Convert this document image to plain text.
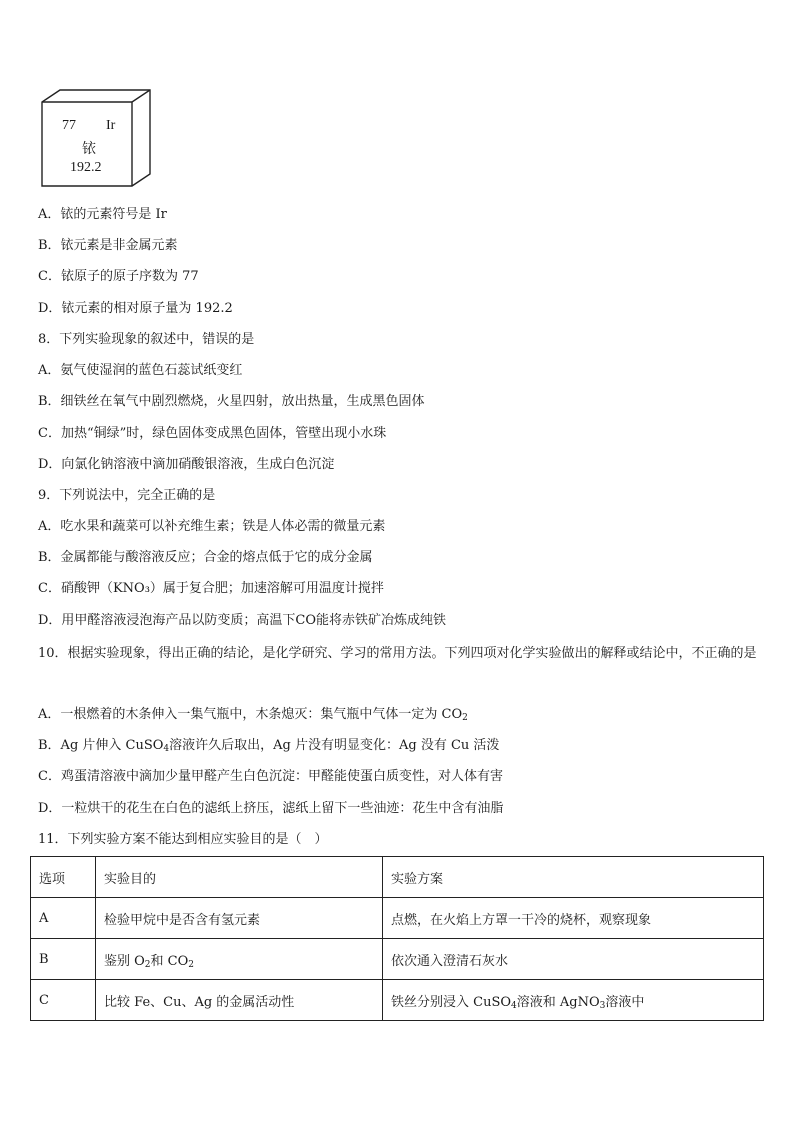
77 Ir
铱
192.2
A．铱的元素符号是 Ir
B．铱元素是非金属元素
C．铱原子的原子序数为 77
D．铱元素的相对原子量为 192.2
8．下列实验现象的叙述中，错误的是
A．氨气使湿润的蓝色石蕊试纸变红
B．细铁丝在氧气中剧烈燃烧，火星四射，放出热量，生成黑色固体
C．加热“铜绿”时，绿色固体变成黑色固体，管壁出现小水珠
D．向氯化钠溶液中滴加硝酸银溶液，生成白色沉淀
9．下列说法中，完全正确的是
A．吃水果和蔬菜可以补充维生素；铁是人体必需的微量元素
B．金属都能与酸溶液反应；合金的熔点低于它的成分金属
C．硝酸钾（KNO₃）属于复合肥；加速溶解可用温度计搅拌
D．用甲醛溶液浸泡海产品以防变质；高温下CO能将赤铁矿冶炼成纯铁
10．根据实验现象，得出正确的结论，是化学研究、学习的常用方法。下列四项对化学实验做出的解释或结论中，不正确的是
A．一根燃着的木条伸入一集气瓶中，木条熄灭：集气瓶中气体一定为 $CO_2$
B．Ag 片伸入 CuSO$_4$溶液许久后取出，Ag 片没有明显变化：Ag 没有 Cu 活泼
C．鸡蛋清溶液中滴加少量甲醛产生白色沉淀：甲醛能使蛋白质变性，对人体有害
D．一粒烘干的花生在白色的滤纸上挤压，滤纸上留下一些油迹：花生中含有油脂
11．下列实验方案不能达到相应实验目的是（　）
选项	实验目的	实验方案
A	检验甲烷中是否含有氢元素	点燃，在火焰上方罩一干冷的烧杯，观察现象
B	鉴别 $O_2$和 $CO_2$	依次通入澄清石灰水
C	比较 Fe、Cu、Ag 的金属活动性	铁丝分别浸入 CuSO$_4$溶液和 AgNO$_3$溶液中
